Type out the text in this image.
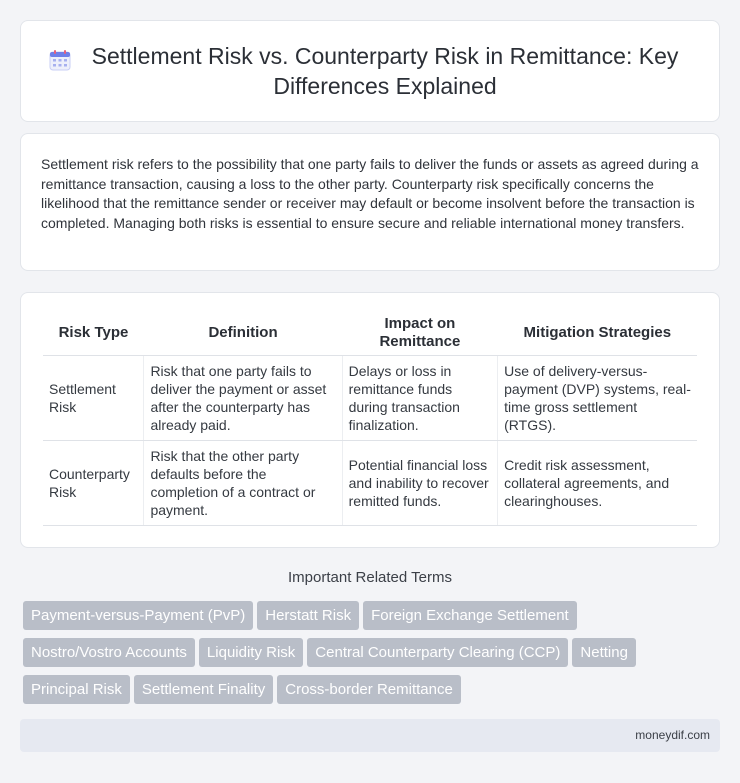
Settlement Risk vs. Counterparty Risk in Remittance: Key Differences Explained

Settlement risk refers to the possibility that one party fails to deliver the funds or assets as agreed during a remittance transaction, causing a loss to the other party. Counterparty risk specifically concerns the likelihood that the remittance sender or receiver may default or become insolvent before the transaction is completed. Managing both risks is essential to ensure secure and reliable international money transfers.

Risk Type	Definition	Impact on Remittance	Mitigation Strategies
Settlement Risk	Risk that one party fails to deliver the payment or asset after the counterparty has already paid.	Delays or loss in remittance funds during transaction finalization.	Use of delivery-versus-payment (DVP) systems, real-time gross settlement (RTGS).
Counterparty Risk	Risk that the other party defaults before the completion of a contract or payment.	Potential financial loss and inability to recover remitted funds.	Credit risk assessment, collateral agreements, and clearinghouses.
Important Related Terms
Payment-versus-Payment (PvP) Herstatt Risk Foreign Exchange Settlement
Nostro/Vostro Accounts Liquidity Risk Central Counterparty Clearing (CCP) Netting
Principal Risk Settlement Finality Cross-border Remittance
moneydif.com
